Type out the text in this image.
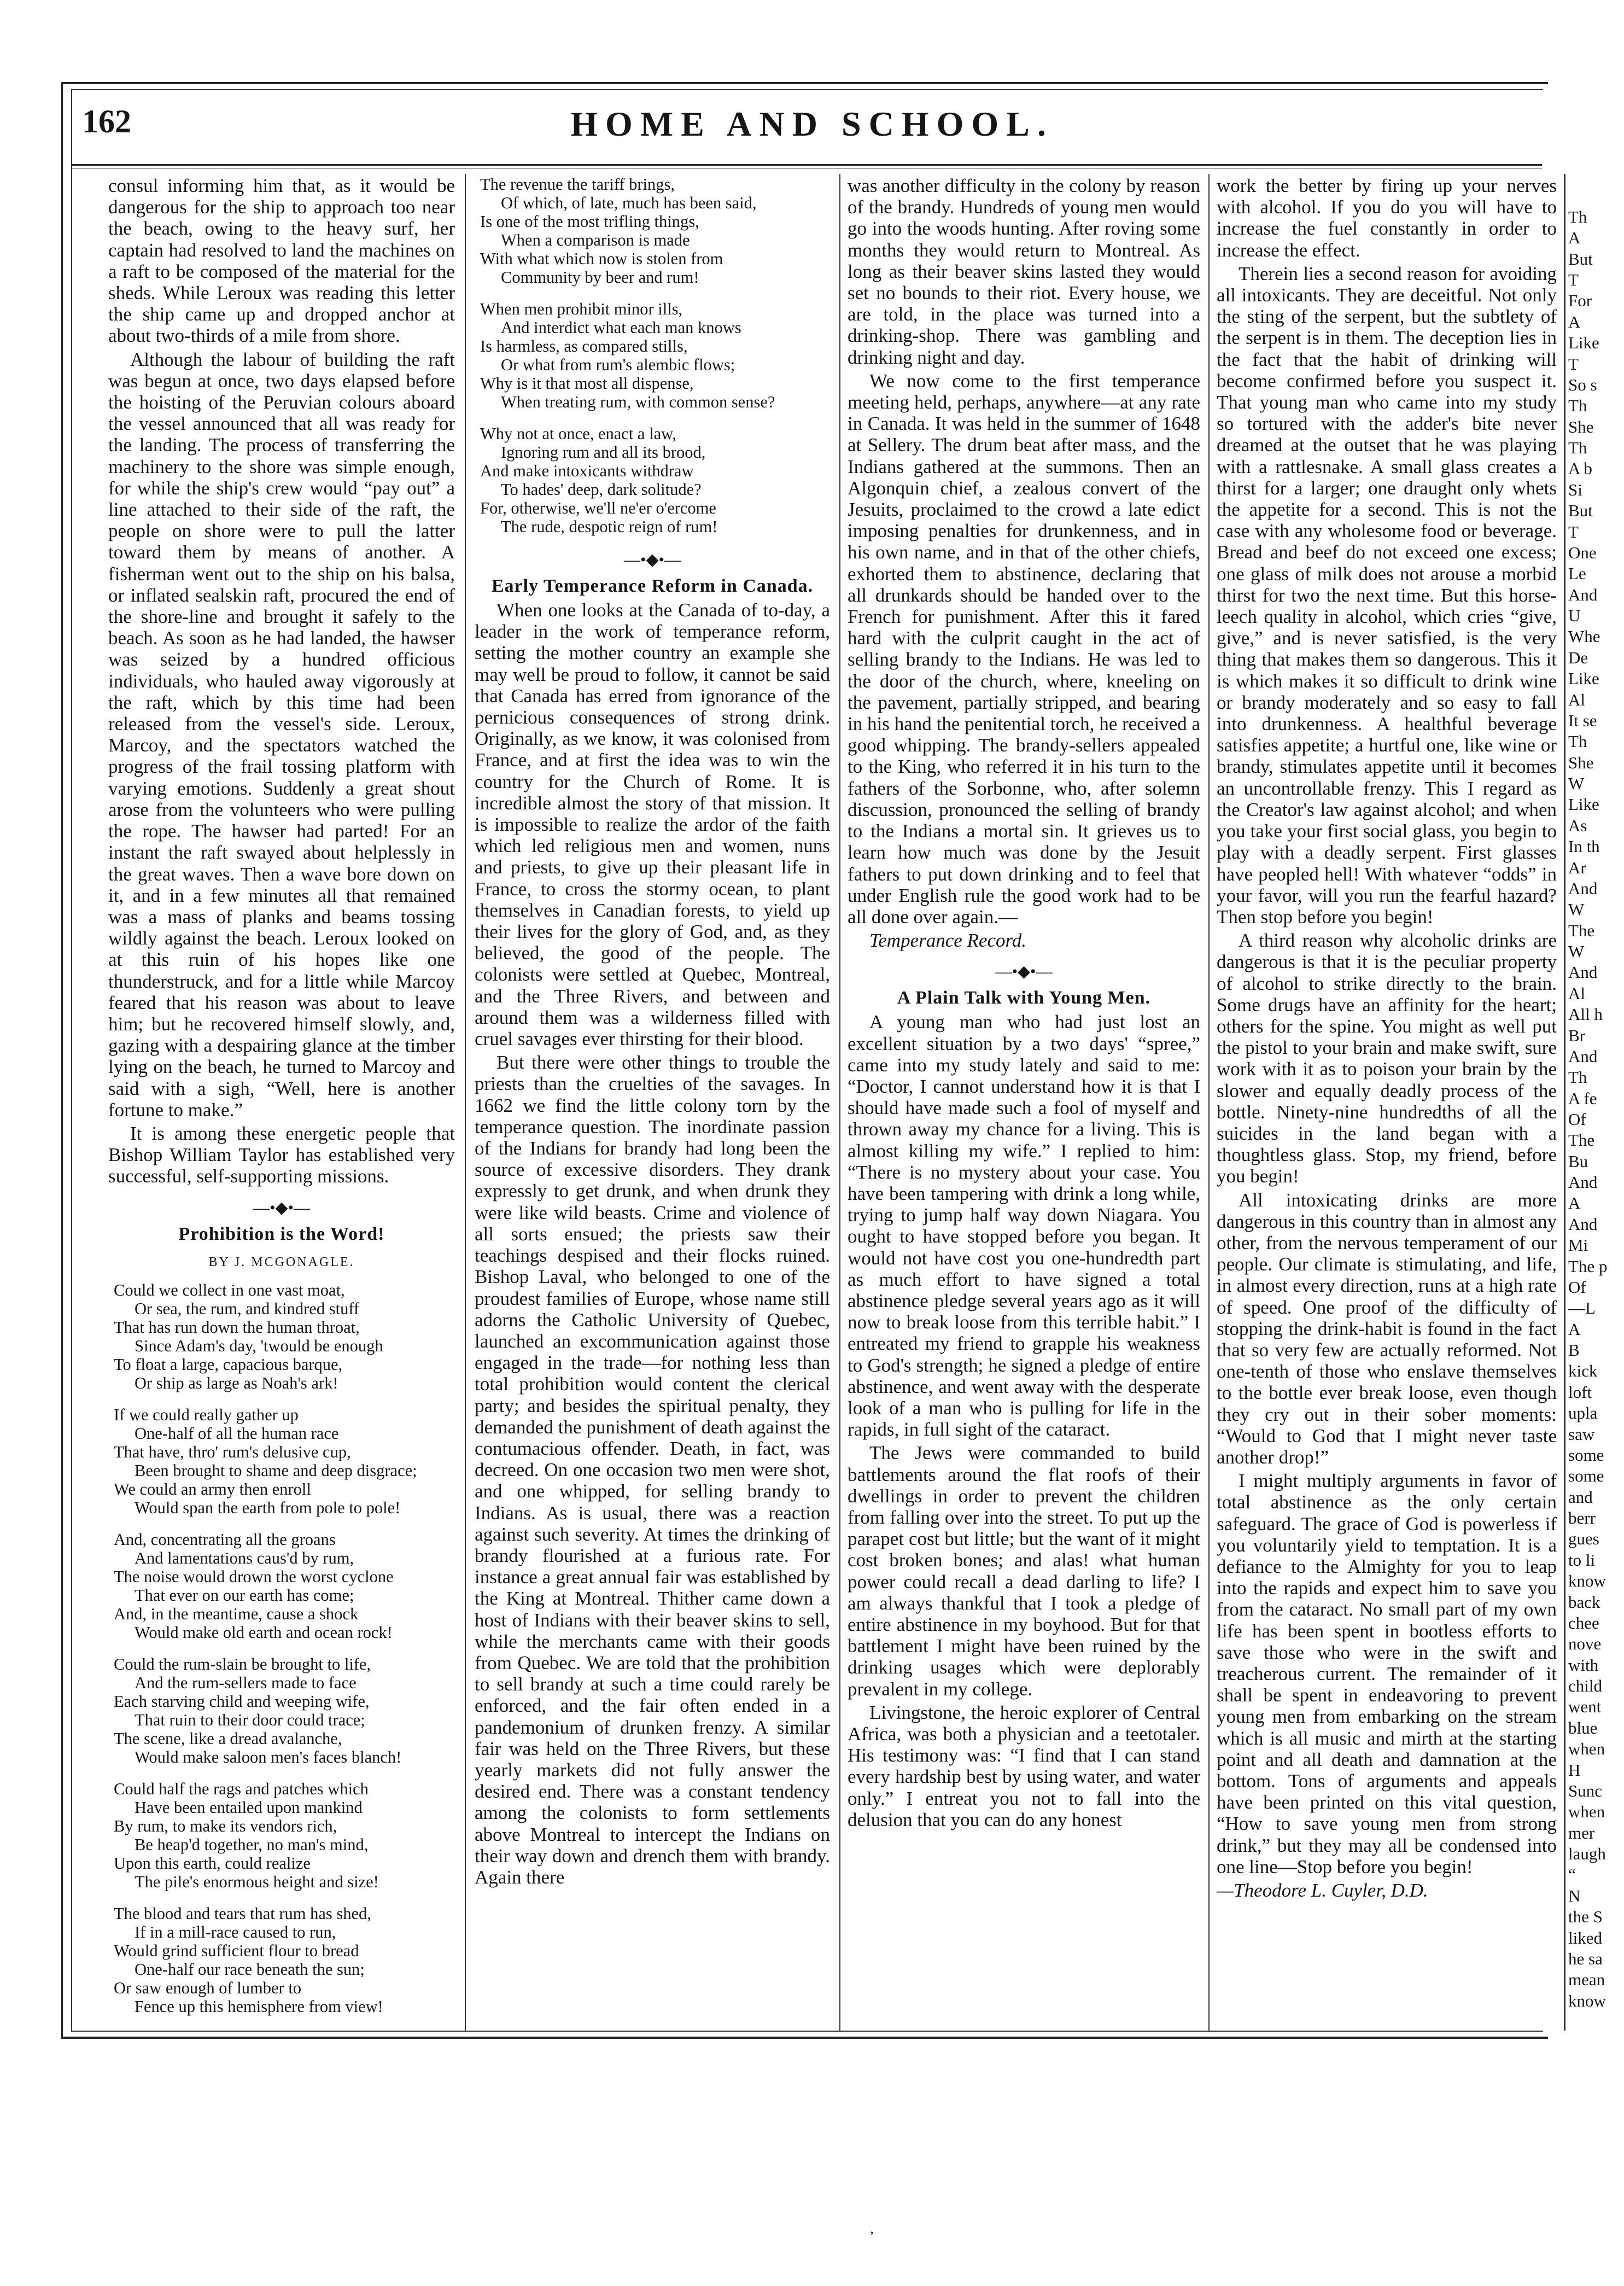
162	HOME AND SCHOOL.

consul informing him that, as it would be dangerous for the ship to approach too near the beach, owing to the heavy surf, her captain had resolved to land the machines on a raft to be composed of the material for the sheds. While Leroux was reading this letter the ship came up and dropped anchor at about two-thirds of a mile from shore.

Although the labour of building the raft was begun at once, two days elapsed before the hoisting of the Peruvian colours aboard the vessel announced that all was ready for the landing. The process of transferring the machinery to the shore was simple enough, for while the ship's crew would “pay out” a line attached to their side of the raft, the people on shore were to pull the latter toward them by means of another. A fisherman went out to the ship on his balsa, or inflated sealskin raft, procured the end of the shore-line and brought it safely to the beach. As soon as he had landed, the hawser was seized by a hundred officious individuals, who hauled away vigorously at the raft, which by this time had been released from the vessel's side. Leroux, Marcoy, and the spectators watched the progress of the frail tossing platform with varying emotions. Suddenly a great shout arose from the volunteers who were pulling the rope. The hawser had parted! For an instant the raft swayed about helplessly in the great waves. Then a wave bore down on it, and in a few minutes all that remained was a mass of planks and beams tossing wildly against the beach. Leroux looked on at this ruin of his hopes like one thunderstruck, and for a little while Marcoy feared that his reason was about to leave him; but he recovered himself slowly, and, gazing with a despairing glance at the timber lying on the beach, he turned to Marcoy and said with a sigh, “Well, here is another fortune to make.”

It is among these energetic people that Bishop William Taylor has established very successful, self-supporting missions.

—•◆•—
Prohibition is the Word!
BY J. MCGONAGLE.
Could we collect in one vast moat,
Or sea, the rum, and kindred stuff
That has run down the human throat,
Since Adam's day, 'twould be enough
To float a large, capacious barque,
Or ship as large as Noah's ark!
If we could really gather up
One-half of all the human race
That have, thro' rum's delusive cup,
Been brought to shame and deep disgrace;
We could an army then enroll
Would span the earth from pole to pole!
And, concentrating all the groans
And lamentations caus'd by rum,
The noise would drown the worst cyclone
That ever on our earth has come;
And, in the meantime, cause a shock
Would make old earth and ocean rock!
Could the rum-slain be brought to life,
And the rum-sellers made to face
Each starving child and weeping wife,
That ruin to their door could trace;
The scene, like a dread avalanche,
Would make saloon men's faces blanch!
Could half the rags and patches which
Have been entailed upon mankind
By rum, to make its vendors rich,
Be heap'd together, no man's mind,
Upon this earth, could realize
The pile's enormous height and size!
The blood and tears that rum has shed,
If in a mill-race caused to run,
Would grind sufficient flour to bread
One-half our race beneath the sun;
Or saw enough of lumber to
Fence up this hemisphere from view!
The revenue the tariff brings,
Of which, of late, much has been said,
Is one of the most trifling things,
When a comparison is made
With what which now is stolen from
Community by beer and rum!
When men prohibit minor ills,
And interdict what each man knows
Is harmless, as compared stills,
Or what from rum's alembic flows;
Why is it that most all dispense,
When treating rum, with common sense?
Why not at once, enact a law,
Ignoring rum and all its brood,
And make intoxicants withdraw
To hades' deep, dark solitude?
For, otherwise, we'll ne'er o'ercome
The rude, despotic reign of rum!
—•◆•—
Early Temperance Reform in Canada.

When one looks at the Canada of to-day, a leader in the work of temperance reform, setting the mother country an example she may well be proud to follow, it cannot be said that Canada has erred from ignorance of the pernicious consequences of strong drink. Originally, as we know, it was colonised from France, and at first the idea was to win the country for the Church of Rome. It is incredible almost the story of that mission. It is impossible to realize the ardor of the faith which led religious men and women, nuns and priests, to give up their pleasant life in France, to cross the stormy ocean, to plant themselves in Canadian forests, to yield up their lives for the glory of God, and, as they believed, the good of the people. The colonists were settled at Quebec, Montreal, and the Three Rivers, and between and around them was a wilderness filled with cruel savages ever thirsting for their blood.

But there were other things to trouble the priests than the cruelties of the savages. In 1662 we find the little colony torn by the temperance question. The inordinate passion of the Indians for brandy had long been the source of excessive disorders. They drank expressly to get drunk, and when drunk they were like wild beasts. Crime and violence of all sorts ensued; the priests saw their teachings despised and their flocks ruined. Bishop Laval, who belonged to one of the proudest families of Europe, whose name still adorns the Catholic University of Quebec, launched an excommunication against those engaged in the trade—for nothing less than total prohibition would content the clerical party; and besides the spiritual penalty, they demanded the punishment of death against the contumacious offender. Death, in fact, was decreed. On one occasion two men were shot, and one whipped, for selling brandy to Indians. As is usual, there was a reaction against such severity. At times the drinking of brandy flourished at a furious rate. For instance a great annual fair was established by the King at Montreal. Thither came down a host of Indians with their beaver skins to sell, while the merchants came with their goods from Quebec. We are told that the prohibition to sell brandy at such a time could rarely be enforced, and the fair often ended in a pandemonium of drunken frenzy. A similar fair was held on the Three Rivers, but these yearly markets did not fully answer the desired end. There was a constant tendency among the colonists to form settlements above Montreal to intercept the Indians on their way down and drench them with brandy. Again there

was another difficulty in the colony by reason of the brandy. Hundreds of young men would go into the woods hunting. After roving some months they would return to Montreal. As long as their beaver skins lasted they would set no bounds to their riot. Every house, we are told, in the place was turned into a drinking-shop. There was gambling and drinking night and day.

We now come to the first temperance meeting held, perhaps, anywhere—at any rate in Canada. It was held in the summer of 1648 at Sellery. The drum beat after mass, and the Indians gathered at the summons. Then an Algonquin chief, a zealous convert of the Jesuits, proclaimed to the crowd a late edict imposing penalties for drunkenness, and in his own name, and in that of the other chiefs, exhorted them to abstinence, declaring that all drunkards should be handed over to the French for punishment. After this it fared hard with the culprit caught in the act of selling brandy to the Indians. He was led to the door of the church, where, kneeling on the pavement, partially stripped, and bearing in his hand the penitential torch, he received a good whipping. The brandy-sellers appealed to the King, who referred it in his turn to the fathers of the Sorbonne, who, after solemn discussion, pronounced the selling of brandy to the Indians a mortal sin. It grieves us to learn how much was done by the Jesuit fathers to put down drinking and to feel that under English rule the good work had to be all done over again.—

Temperance Record.

—•◆•—
A Plain Talk with Young Men.

A young man who had just lost an excellent situation by a two days' “spree,” came into my study lately and said to me: “Doctor, I cannot understand how it is that I should have made such a fool of myself and thrown away my chance for a living. This is almost killing my wife.” I replied to him: “There is no mystery about your case. You have been tampering with drink a long while, trying to jump half way down Niagara. You ought to have stopped before you began. It would not have cost you one-hundredth part as much effort to have signed a total abstinence pledge several years ago as it will now to break loose from this terrible habit.” I entreated my friend to grapple his weakness to God's strength; he signed a pledge of entire abstinence, and went away with the desperate look of a man who is pulling for life in the rapids, in full sight of the cataract.

The Jews were commanded to build battlements around the flat roofs of their dwellings in order to prevent the children from falling over into the street. To put up the parapet cost but little; but the want of it might cost broken bones; and alas! what human power could recall a dead darling to life? I am always thankful that I took a pledge of entire abstinence in my boyhood. But for that battlement I might have been ruined by the drinking usages which were deplorably prevalent in my college.

Livingstone, the heroic explorer of Central Africa, was both a physician and a teetotaler. His testimony was: “I find that I can stand every hardship best by using water, and water only.” I entreat you not to fall into the delusion that you can do any honest

work the better by firing up your nerves with alcohol. If you do you will have to increase the fuel constantly in order to increase the effect.

Therein lies a second reason for avoiding all intoxicants. They are deceitful. Not only the sting of the serpent, but the subtlety of the serpent is in them. The deception lies in the fact that the habit of drinking will become confirmed before you suspect it. That young man who came into my study so tortured with the adder's bite never dreamed at the outset that he was playing with a rattlesnake. A small glass creates a thirst for a larger; one draught only whets the appetite for a second. This is not the case with any wholesome food or beverage. Bread and beef do not exceed one excess; one glass of milk does not arouse a morbid thirst for two the next time. But this horse-leech quality in alcohol, which cries “give, give,” and is never satisfied, is the very thing that makes them so dangerous. This it is which makes it so difficult to drink wine or brandy moderately and so easy to fall into drunkenness. A healthful beverage satisfies appetite; a hurtful one, like wine or brandy, stimulates appetite until it becomes an uncontrollable frenzy. This I regard as the Creator's law against alcohol; and when you take your first social glass, you begin to play with a deadly serpent. First glasses have peopled hell! With whatever “odds” in your favor, will you run the fearful hazard? Then stop before you begin!

A third reason why alcoholic drinks are dangerous is that it is the peculiar property of alcohol to strike directly to the brain. Some drugs have an affinity for the heart; others for the spine. You might as well put the pistol to your brain and make swift, sure work with it as to poison your brain by the slower and equally deadly process of the bottle. Ninety-nine hundredths of all the suicides in the land began with a thoughtless glass. Stop, my friend, before you begin!

All intoxicating drinks are more dangerous in this country than in almost any other, from the nervous temperament of our people. Our climate is stimulating, and life, in almost every direction, runs at a high rate of speed. One proof of the difficulty of stopping the drink-habit is found in the fact that so very few are actually reformed. Not one-tenth of those who enslave themselves to the bottle ever break loose, even though they cry out in their sober moments: “Would to God that I might never taste another drop!”

I might multiply arguments in favor of total abstinence as the only certain safeguard. The grace of God is powerless if you voluntarily yield to temptation. It is a defiance to the Almighty for you to leap into the rapids and expect him to save you from the cataract. No small part of my own life has been spent in bootless efforts to save those who were in the swift and treacherous current. The remainder of it shall be spent in endeavoring to prevent young men from embarking on the stream which is all music and mirth at the starting point and all death and damnation at the bottom. Tons of arguments and appeals have been printed on this vital question, “How to save young men from strong drink,” but they may all be condensed into one line—Stop before you begin!

—Theodore L. Cuyler, D.D.

Th
A
But
T
For
A
Like
T
So s
Th
She
Th
A b
Si
But
T
One
Le
And
U
Whe
De
Like
Al
It se
Th
She
W
Like
As
In th
Ar
And
W
The
W
And
Al
All h
Br
And
Th
A fe
Of
The
Bu
And
A
And
Mi
The p
Of
—L
A
B
kick
loft
upla
saw
some
some
and
berr
gues
to li
know
back
chee
nove
with
child
went
blue
when
H
Sunc
when
mer
laugh
“
N
the S
liked
he sa
mean
know
‚
